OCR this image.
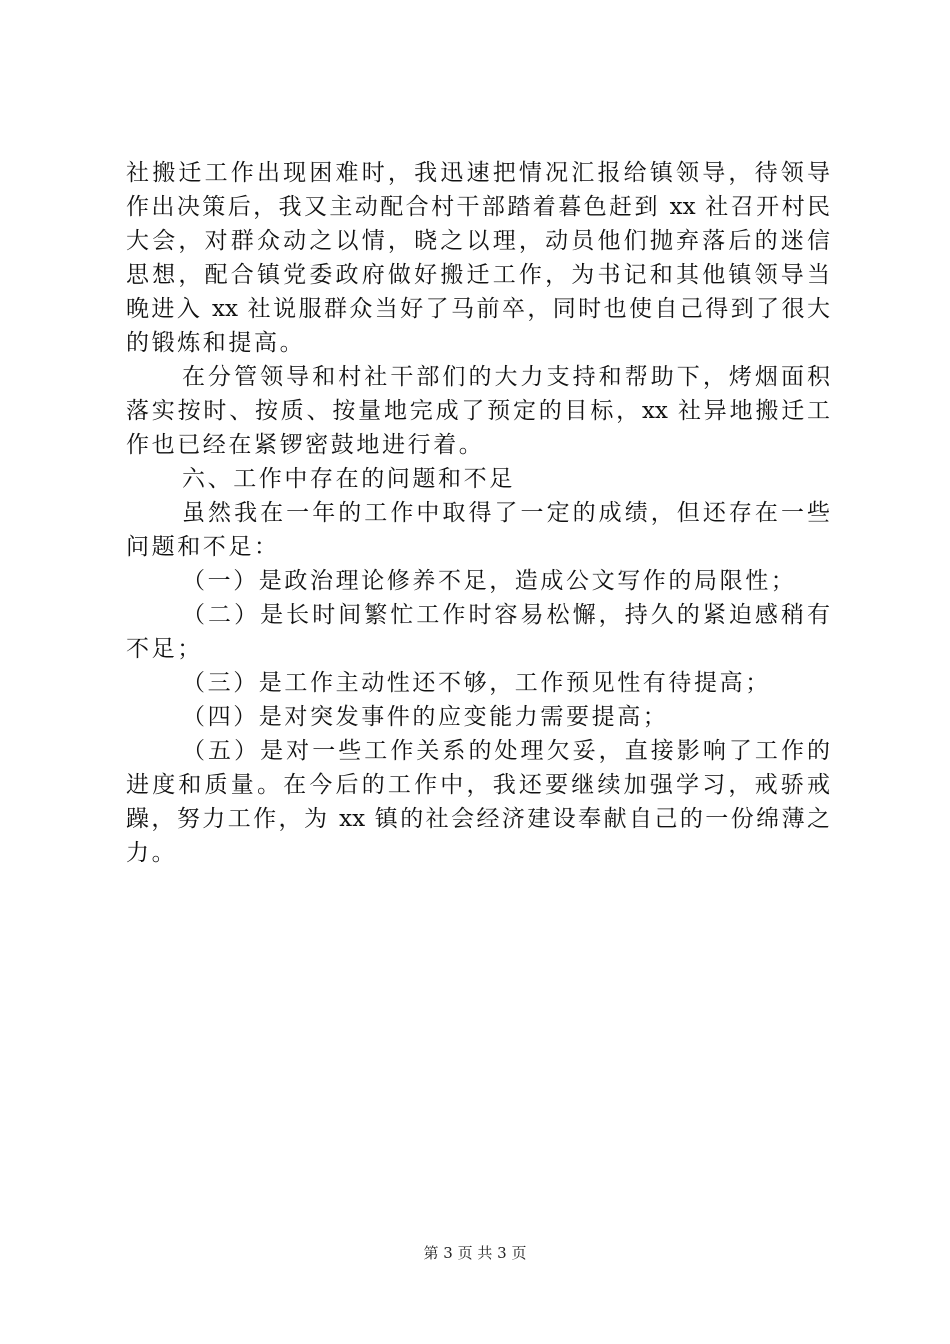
社搬迁工作出现困难时，我迅速把情况汇报给镇领导，待领导
作出决策后，我又主动配合村干部踏着暮色赶到 xx 社召开村民
大会，对群众动之以情，晓之以理，动员他们抛弃落后的迷信
思想，配合镇党委政府做好搬迁工作，为书记和其他镇领导当
晚进入 xx 社说服群众当好了马前卒，同时也使自己得到了很大
的锻炼和提高。
在分管领导和村社干部们的大力支持和帮助下，烤烟面积
落实按时、按质、按量地完成了预定的目标，xx 社异地搬迁工
作也已经在紧锣密鼓地进行着。
六、工作中存在的问题和不足
虽然我在一年的工作中取得了一定的成绩，但还存在一些
问题和不足：
（一）是政治理论修养不足，造成公文写作的局限性；
（二）是长时间繁忙工作时容易松懈，持久的紧迫感稍有
不足；
（三）是工作主动性还不够，工作预见性有待提高；
（四）是对突发事件的应变能力需要提高；
（五）是对一些工作关系的处理欠妥，直接影响了工作的
进度和质量。在今后的工作中，我还要继续加强学习，戒骄戒
躁，努力工作，为 xx 镇的社会经济建设奉献自己的一份绵薄之
力。
第 3 页 共 3 页
